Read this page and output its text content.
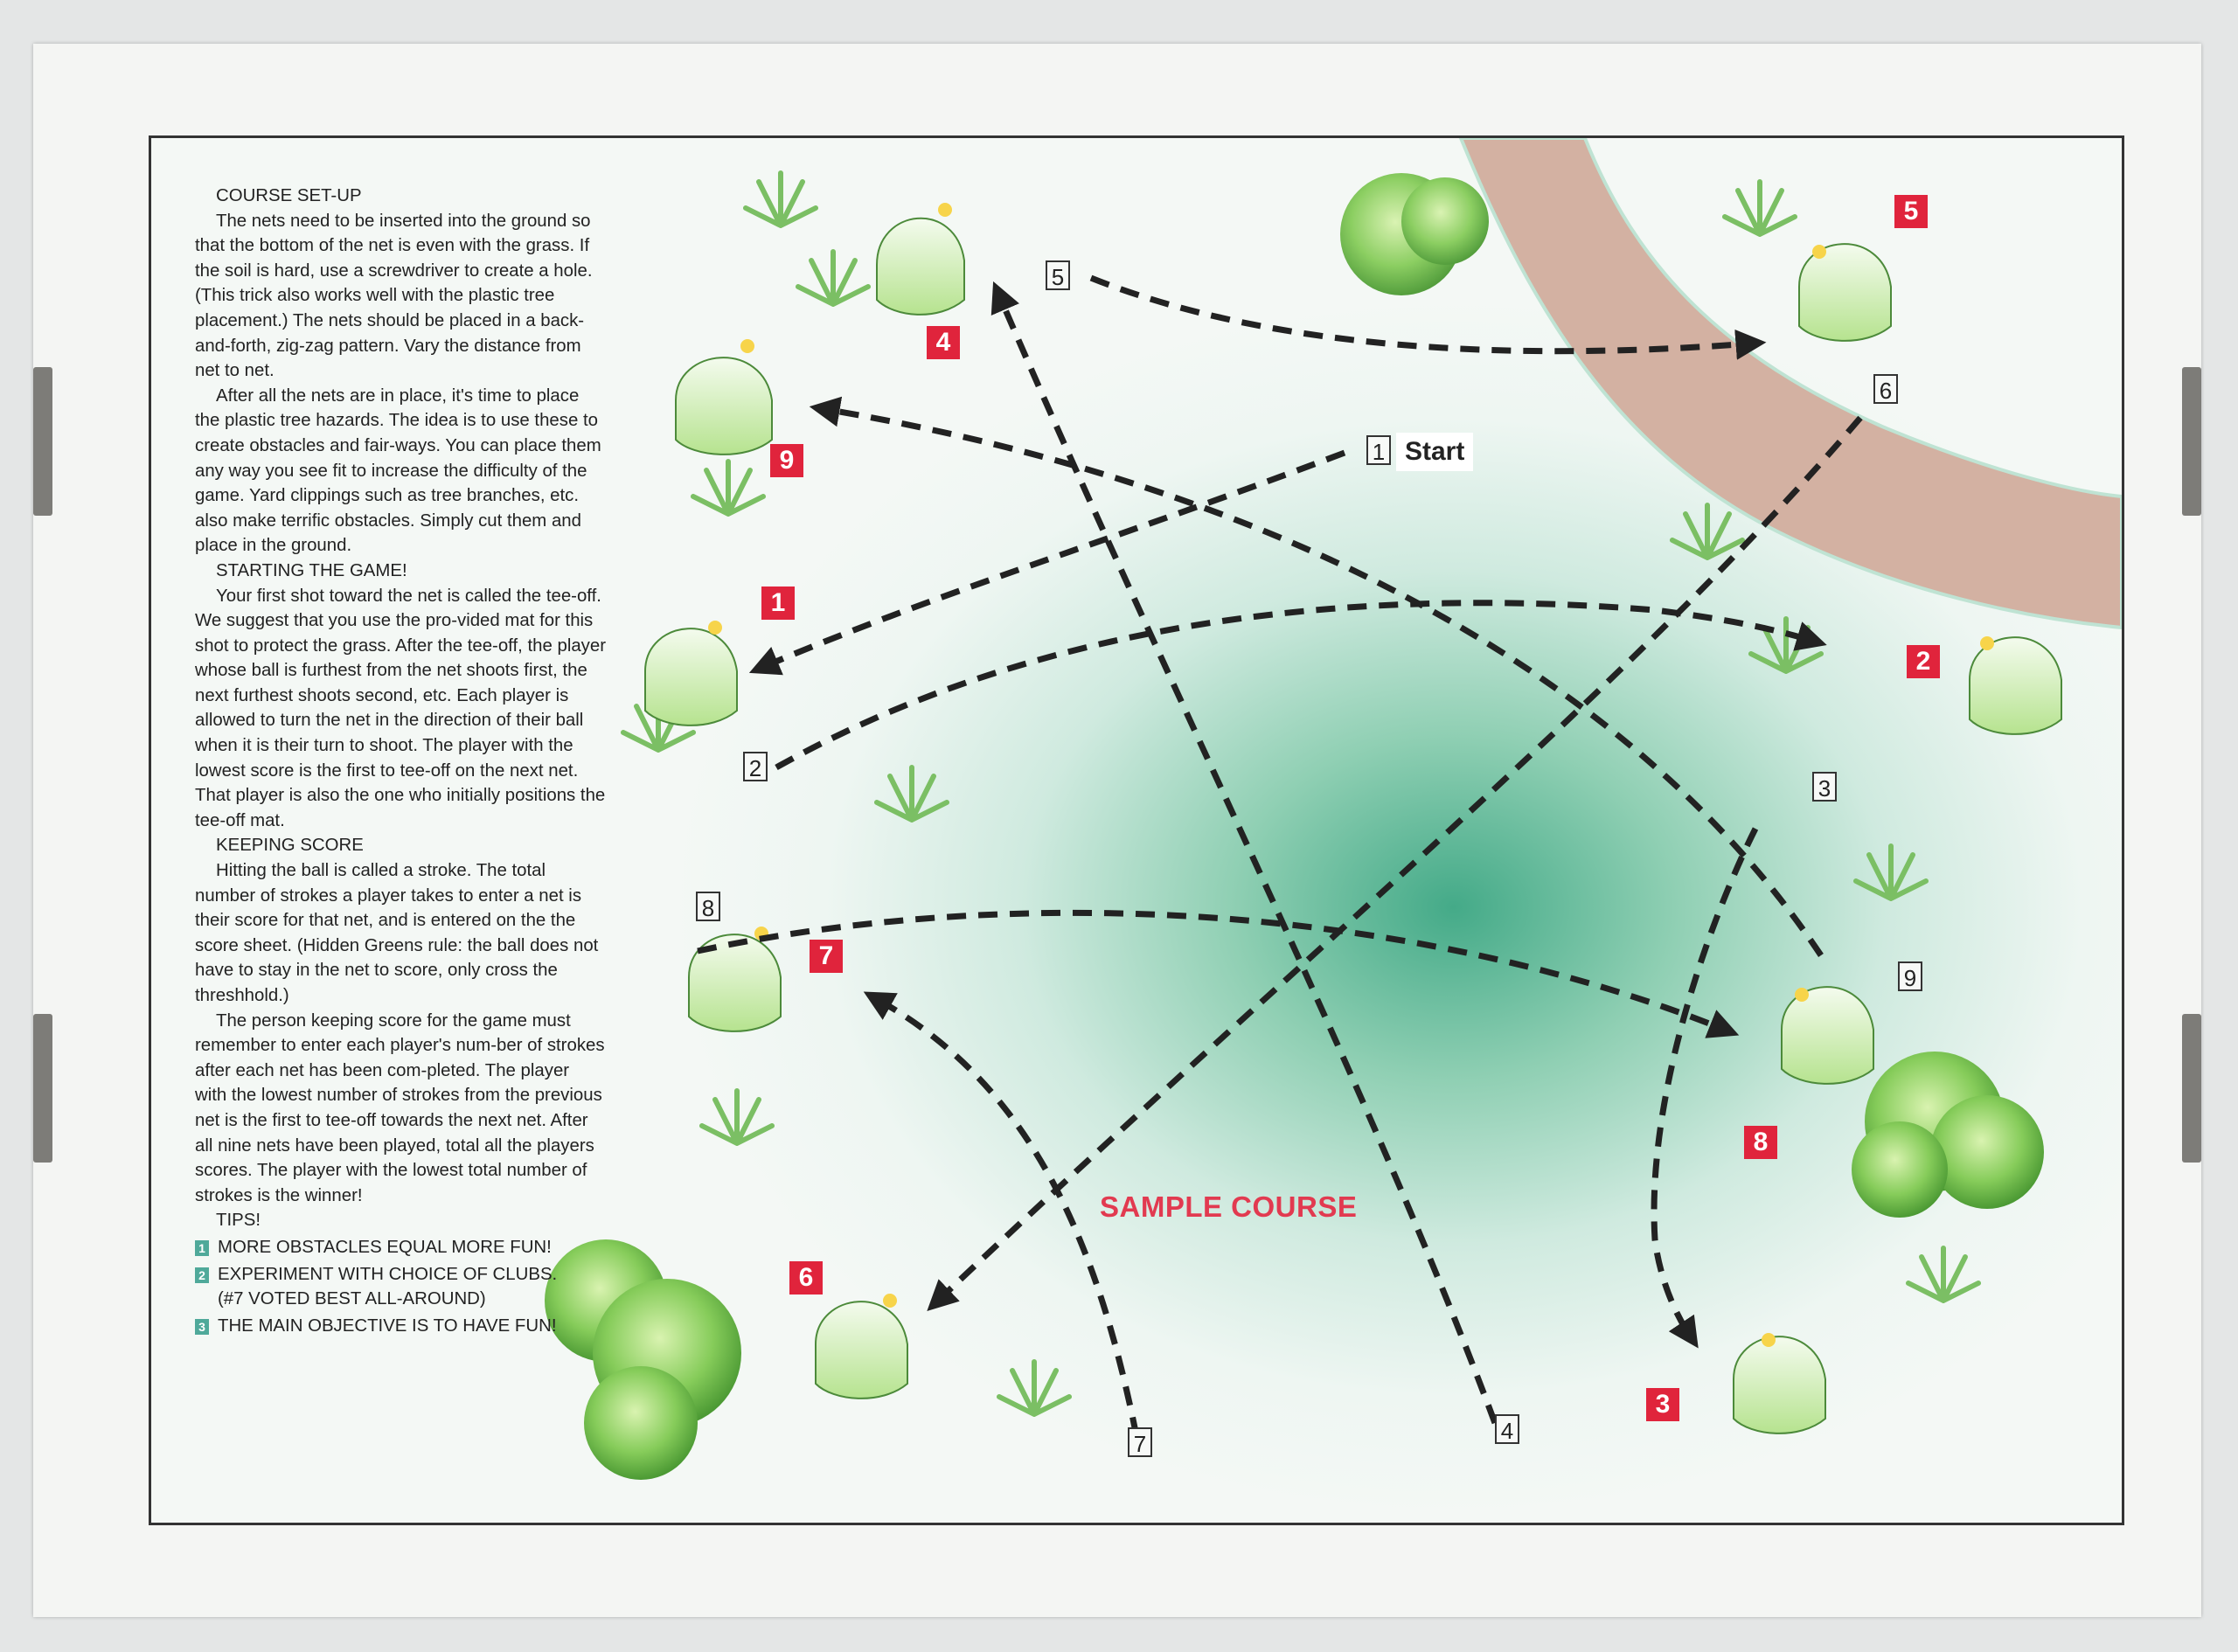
COURSE SET-UP

The nets need to be inserted into the ground so that the bottom of the net is even with the grass. If the soil is hard, use a screwdriver to create a hole. (This trick also works well with the plastic tree placement.) The nets should be placed in a back-and-forth, zig-zag pattern. Vary the distance from net to net.

After all the nets are in place, it's time to place the plastic tree hazards. The idea is to use these to create obstacles and fair-ways. You can place them any way you see fit to increase the difficulty of the game. Yard clippings such as tree branches, etc. also make terrific obstacles. Simply cut them and place in the ground.

STARTING THE GAME!

Your first shot toward the net is called the tee-off. We suggest that you use the pro-vided mat for this shot to protect the grass. After the tee-off, the player whose ball is furthest from the net shoots first, the next furthest shoots second, etc. Each player is allowed to turn the net in the direction of their ball when it is their turn to shoot. The player with the lowest score is the first to tee-off on the next net. That player is also the one who initially positions the tee-off mat.

KEEPING SCORE

Hitting the ball is called a stroke. The total number of strokes a player takes to enter a net is their score for that net, and is entered on the the score sheet. (Hidden Greens rule: the ball does not have to stay in the net to score, only cross the threshhold.)

The person keeping score for the game must remember to enter each player's num-ber of strokes after each net has been com-pleted. The player with the lowest number of strokes from the previous net is the first to tee-off towards the next net. After all nine nets have been played, total all the players scores. The player with the lowest total number of strokes is the winner!

TIPS!

1 MORE OBSTACLES EQUAL MORE FUN!
2 EXPERIMENT WITH CHOICE OF CLUBS.
(#7 VOTED BEST ALL-AROUND)
3 THE MAIN OBJECTIVE IS TO HAVE FUN!
4
9
1
7
6
5
2
8
3
1
2
3
4
5
6
7
8
9
Start
SAMPLE COURSE
